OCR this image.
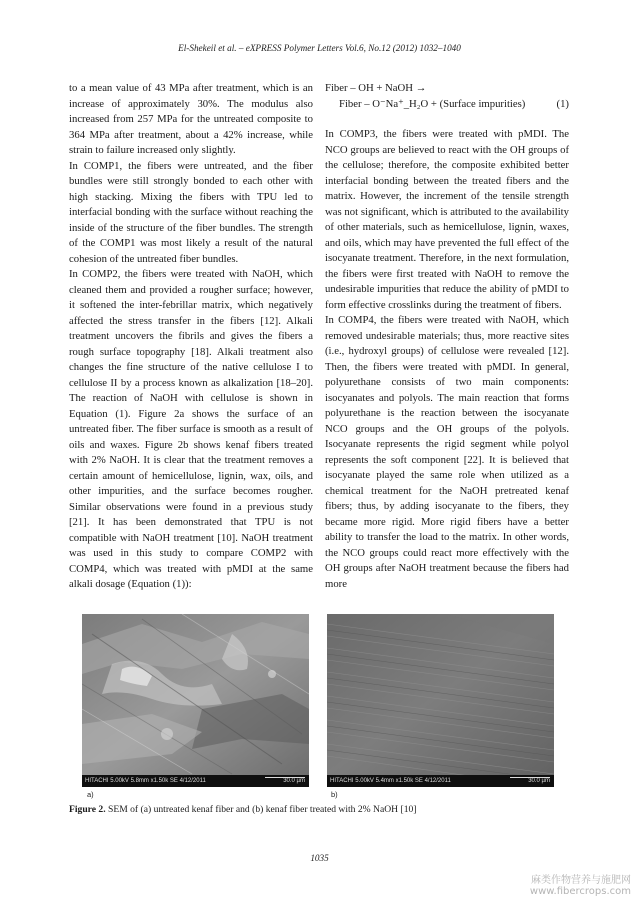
El-Shekeil et al. – eXPRESS Polymer Letters Vol.6, No.12 (2012) 1032–1040

to a mean value of 43 MPa after treatment, which is an increase of approximately 30%. The modulus also increased from 257 MPa for the untreated composite to 364 MPa after treatment, about a 42% increase, while strain to failure increased only slightly.

In COMP1, the fibers were untreated, and the fiber bundles were still strongly bonded to each other with high stacking. Mixing the fibers with TPU led to interfacial bonding with the surface without reaching the inside of the structure of the fiber bundles. The strength of the COMP1 was most likely a result of the natural cohesion of the untreated fiber bundles.

In COMP2, the fibers were treated with NaOH, which cleaned them and provided a rougher surface; however, it softened the inter-febrillar matrix, which negatively affected the stress transfer in the fibers [12]. Alkali treatment uncovers the fibrils and gives the fibers a rough surface topography [18]. Alkali treatment also changes the fine structure of the native cellulose I to cellulose II by a process known as alkalization [18–20]. The reaction of NaOH with cellulose is shown in Equation (1). Figure 2a shows the surface of an untreated fiber. The fiber surface is smooth as a result of oils and waxes. Figure 2b shows kenaf fibers treated with 2% NaOH. It is clear that the treatment removes a certain amount of hemicellulose, lignin, wax, oils, and other impurities, and the surface becomes rougher. Similar observations were found in a previous study [21]. It has been demonstrated that TPU is not compatible with NaOH treatment [10]. NaOH treatment was used in this study to compare COMP2 with COMP4, which was treated with pMDI at the same alkali dosage (Equation (1)):

Fiber – OH + NaOH →
Fiber – O⁻Na⁺_H₂O + (Surface impurities)	(1)

In COMP3, the fibers were treated with pMDI. The NCO groups are believed to react with the OH groups of the cellulose; therefore, the composite exhibited better interfacial bonding between the treated fibers and the matrix. However, the increment of the tensile strength was not significant, which is attributed to the availability of other materials, such as hemicellulose, lignin, waxes, and oils, which may have prevented the full effect of the isocyanate treatment. Therefore, in the next formulation, the fibers were first treated with NaOH to remove the undesirable impurities that reduce the ability of pMDI to form effective crosslinks during the treatment of fibers.

In COMP4, the fibers were treated with NaOH, which removed undesirable materials; thus, more reactive sites (i.e., hydroxyl groups) of cellulose were revealed [12]. Then, the fibers were treated with pMDI. In general, polyurethane consists of two main components: isocyanates and polyols. The main reaction that forms polyurethane is the reaction between the isocyanate NCO groups and the OH groups of the polyols. Isocyanate represents the rigid segment while polyol represents the soft component [22]. It is believed that isocyanate played the same role when utilized as a chemical treatment for the NaOH pretreated kenaf fibers; thus, by adding isocyanate to the fibers, they became more rigid. More rigid fibers have a better ability to transfer the load to the matrix. In other words, the NCO groups could react more effectively with the OH groups after NaOH treatment because the fibers had more

HITACHI 5.00kV 5.8mm x1.50k SE 4/12/2011	30.0 µm
a)
HITACHI 5.00kV 5.4mm x1.50k SE 4/12/2011	30.0 µm
b)
Figure 2. SEM of (a) untreated kenaf fiber and (b) kenaf fiber treated with 2% NaOH [10]
1035
麻类作物营养与施肥网
www.fibercrops.com
